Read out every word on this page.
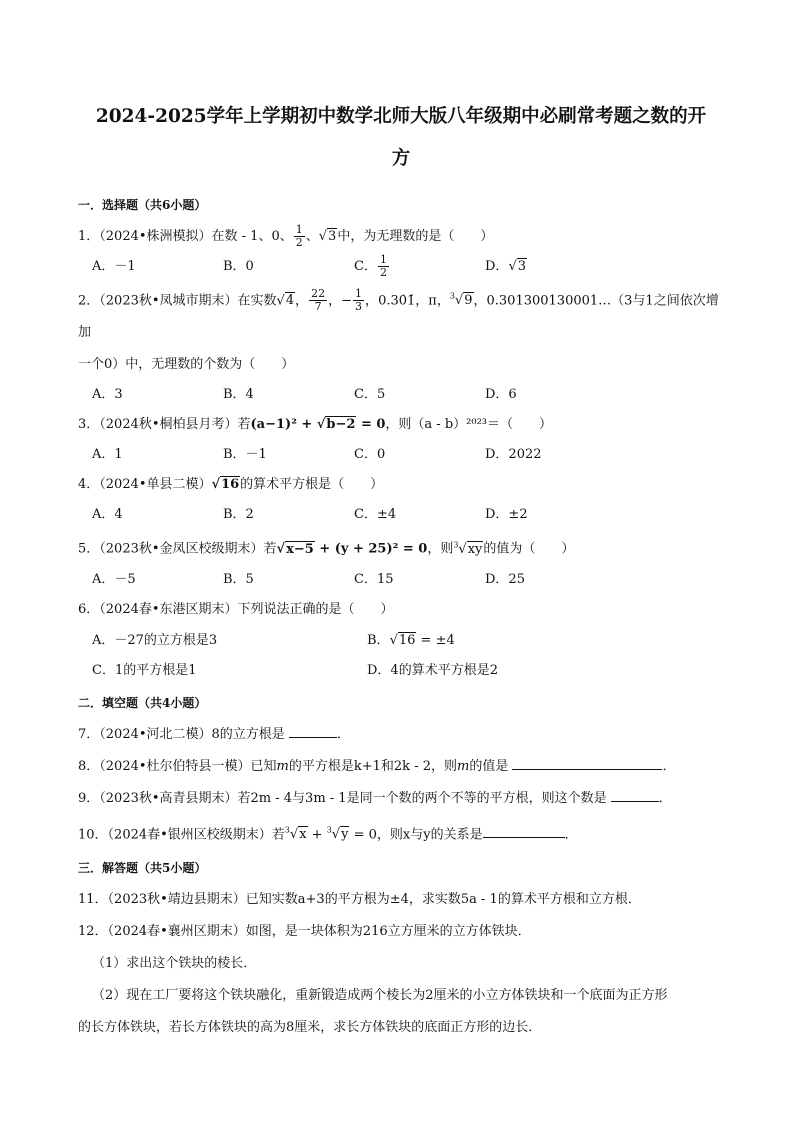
2024-2025学年上学期初中数学北师大版八年级期中必刷常考题之数的开
方
一．选择题（共6小题）
1．（2024•株洲模拟）在数 - 1、0、 $\frac{1}{2}$ 、√3中，为无理数的是（　　）
A．－1	B．0	C． $\frac{1}{2}$	D．√3
2．（2023秋•凤城市期末）在实数√4， $\frac{22}{7}$ ，− $\frac{1}{3}$ ，0.30̇1̇，π，$^3$√9，0.301300130001…（3与1之间依次增加
一个0）中，无理数的个数为（　　）
A．3	B．4	C．5	D．6
3．（2024秋•桐柏县月考）若(a−1)² + √b−2 = 0，则（a - b）²⁰²³＝（　　）
A．1	B．－1	C．0	D．2022
4．（2024•单县二模）√16的算术平方根是（　　）
A．4	B．2	C．±4	D．±2
5．（2023秋•金凤区校级期末）若√x−5 + (y + 25)² = 0，则$^3$√xy的值为（　　）
A．－5	B．5	C．15	D．25
6．（2024春•东港区期末）下列说法正确的是（　　）
A．－27的立方根是3	B．√16 = ±4
C．1的平方根是1	D．4的算术平方根是2
二．填空题（共4小题）
7．（2024•河北二模）8的立方根是	．
8．（2024•杜尔伯特县一模）已知m的平方根是k+1和2k - 2，则m的值是	．
9．（2023秋•高青县期末）若2m - 4与3m - 1是同一个数的两个不等的平方根，则这个数是	．
10．（2024春•银州区校级期末）若$^3$√x + $^3$√y = 0，则x与y的关系是	．
三．解答题（共5小题）
11．（2023秋•靖边县期末）已知实数a+3的平方根为±4，求实数5a - 1的算术平方根和立方根．
12．（2024春•襄州区期末）如图，是一块体积为216立方厘米的立方体铁块．
（1）求出这个铁块的棱长．
（2）现在工厂要将这个铁块融化，重新锻造成两个棱长为2厘米的小立方体铁块和一个底面为正方形
的长方体铁块，若长方体铁块的高为8厘米，求长方体铁块的底面正方形的边长．
